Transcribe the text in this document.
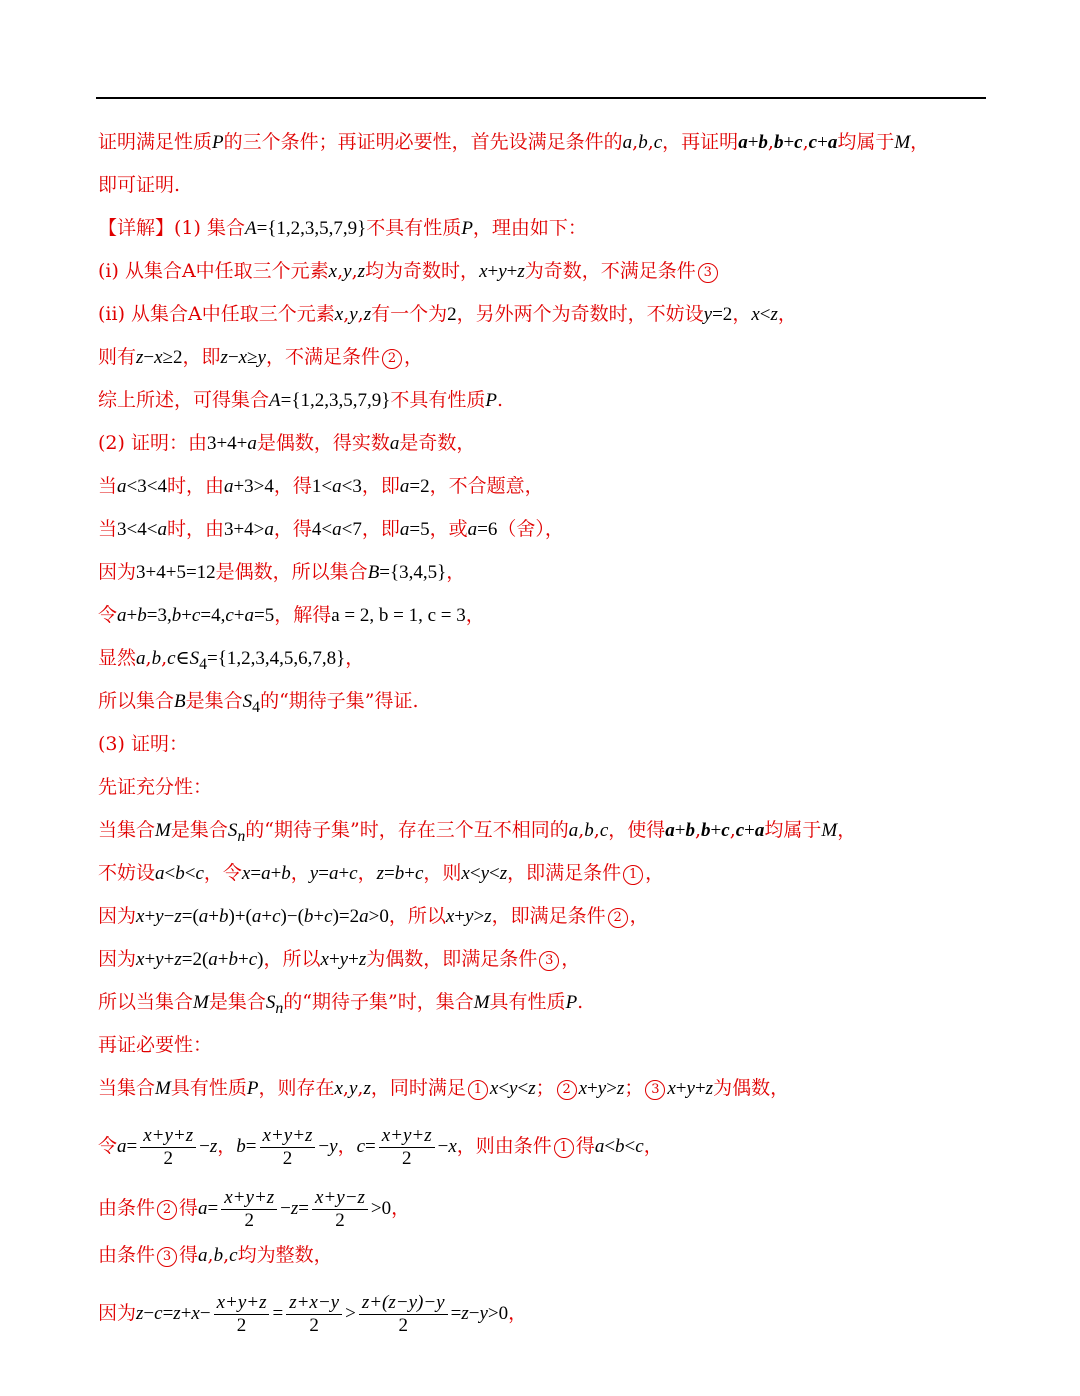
证明满足性质P的三个条件；再证明必要性，首先设满足条件的a,b,c，再证明a+b,b+c,c+a均属于M，
即可证明.
【详解】(1) 集合A={1,2,3,5,7,9}不具有性质P，理由如下：
(i) 从集合A中任取三个元素x,y,z均为奇数时，x+y+z为奇数，不满足条件 3
(ii) 从集合A中任取三个元素x,y,z有一个为2，另外两个为奇数时，不妨设y=2，x<z，
则有z−x≥2，即z−x≥y，不满足条件 2 ，
综上所述，可得集合A={1,2,3,5,7,9}不具有性质P.
(2) 证明：由3+4+a是偶数，得实数a是奇数，
当a<3<4时，由a+3>4，得1<a<3，即a=2，不合题意，
当3<4<a时，由3+4>a，得4<a<7，即a=5，或a=6（舍），
因为3+4+5=12是偶数，所以集合B={3,4,5}，
令a+b=3,b+c=4,c+a=5，解得a = 2, b = 1, c = 3，
显然$a,b,c\in S_4=\{1,2,3,4,5,6,7,8\}$，
所以集合B是集合$S_4$的“期待子集”得证.
(3) 证明：
先证充分性：
当集合M是集合$S_n$的“期待子集”时，存在三个互不相同的a,b,c，使得a+b,b+c,c+a均属于M，
不妨设a<b<c，令x=a+b，y=a+c，z=b+c，则x<y<z，即满足条件 1 ，
因为x+y−z=(a+b)+(a+c)−(b+c)=2a>0，所以x+y>z，即满足条件 2 ，
因为x+y+z=2(a+b+c)，所以x+y+z为偶数，即满足条件 3 ，
所以当集合M是集合$S_n$的“期待子集”时，集合M具有性质P.
再证必要性：
当集合M具有性质P，则存在x,y,z，同时满足 1 x<y<z； 2 x+y>z； 3 x+y+z为偶数，
令$a= \frac{x+y+z}{2} -z$，$b= \frac{x+y+z}{2} -y$，$c= \frac{x+y+z}{2} -x$，则由条件 1 得a<b<c，
由条件 2 得$a= \frac{x+y+z}{2} -z= \frac{x+y-z}{2} >0$，
由条件 3 得a,b,c均为整数，
因为$z-c=z+x- \frac{x+y+z}{2} = \frac{z+x-y}{2} > \frac{z+(z-y)-y}{2} =z-y>0$，
